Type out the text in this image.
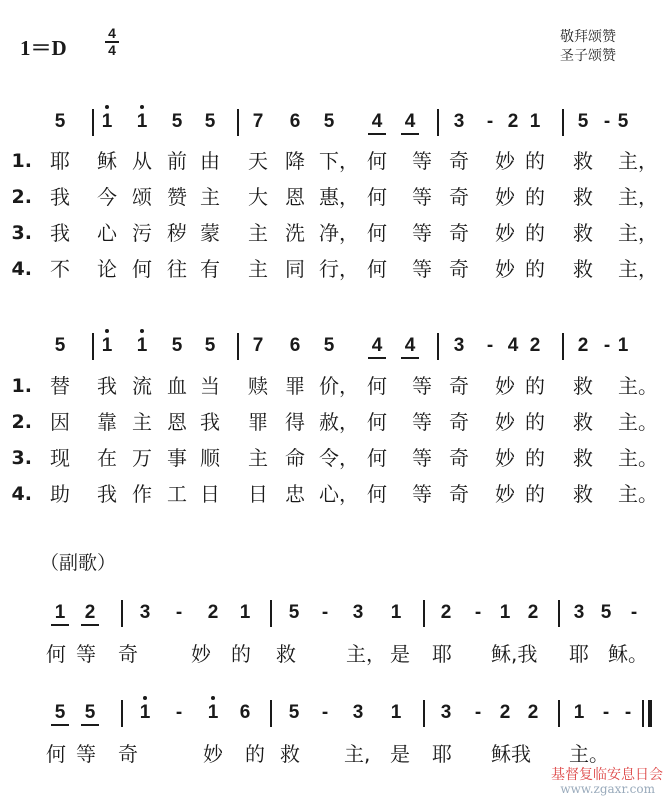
1＝D
4
4
敬拜颂赞
圣子颂赞
5	1	1	5	5	7	6	5	4	4	3	- 2 1	5 - 5
5	1	1	5	5	7	6	5	4	4	3	- 4 2	2 - 1
1	2	3	-	2	1	5	-	3	1	2	- 1 2	3 5	-
5	5	1	-	1	6	5	-	3	1	3	- 2 2	1 - -
1. 耶 稣 从 前 由 天 降 下， 何 等 奇 妙 的 救 主，
2. 我 今 颂 赞 主 大 恩 惠， 何 等 奇 妙 的 救 主，
3. 我 心 污 秽 蒙 主 洗 净， 何 等 奇 妙 的 救 主，
4. 不 论 何 往 有 主 同 行， 何 等 奇 妙 的 救 主，
1. 替 我 流 血 当 赎 罪 价， 何 等 奇 妙 的 救 主。
2. 因 靠 主 恩 我 罪 得 赦， 何 等 奇 妙 的 救 主。
3. 现 在 万 事 顺 主 命 令， 何 等 奇 妙 的 救 主。
4. 助 我 作 工 日 日 忠 心， 何 等 奇 妙 的 救 主。
何 等 奇	妙 的 救	主， 是 耶 稣,我 耶 稣。
何 等 奇	妙 的 救 主, 是 耶 稣我 主。
（副歌）
基督复临安息日会
www.zgaxr.com
